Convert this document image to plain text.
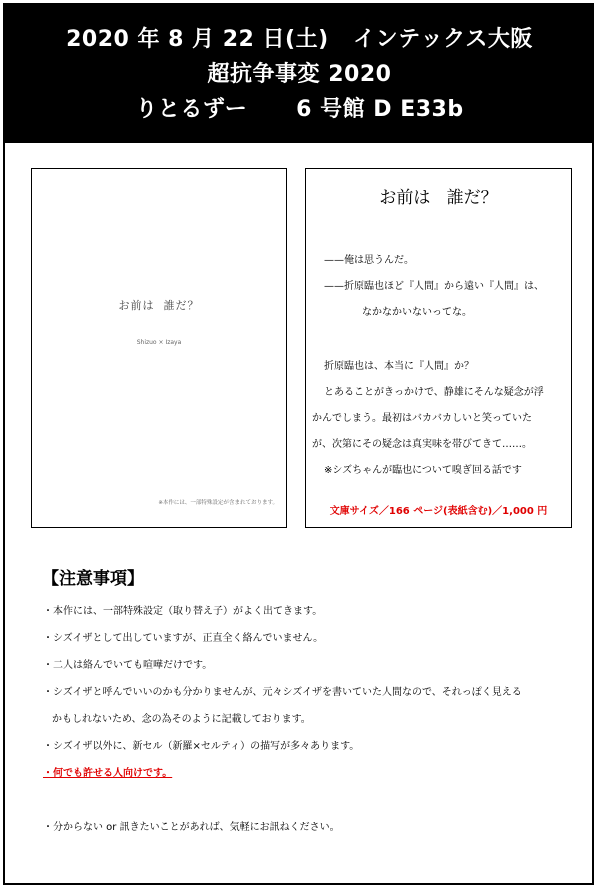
2020 年 8 月 22 日(土)   インテックス大阪
超抗争事変 2020
りとるずー      6 号館 D E33b
お前は  誰だ？
Shizuo × Izaya
※本作には、一部特殊設定が含まれております。
お前は   誰だ？
——俺は思うんだ。
——折原臨也ほど『人間』から遠い『人間』は、
なかなかいないってな。
折原臨也は、本当に『人間』か？
とあることがきっかけで、静雄にそんな疑念が浮
かんでしまう。最初はバカバカしいと笑っていた
が、次第にその疑念は真実味を帯びてきて……。
※シズちゃんが臨也について嗅ぎ回る話です
文庫サイズ／166 ページ(表紙含む)／1,000 円
【注意事項】
・本作には、一部特殊設定（取り替え子）がよく出てきます。
・シズイザとして出していますが、正直全く絡んでいません。
・二人は絡んでいても喧嘩だけです。
・シズイザと呼んでいいのかも分かりませんが、元々シズイザを書いていた人間なので、それっぽく見える
かもしれないため、念の為そのように記載しております。
・シズイザ以外に、新セル（新羅×セルティ）の描写が多々あります。
・何でも許せる人向けです。
・分からない or 訊きたいことがあれば、気軽にお訊ねください。
